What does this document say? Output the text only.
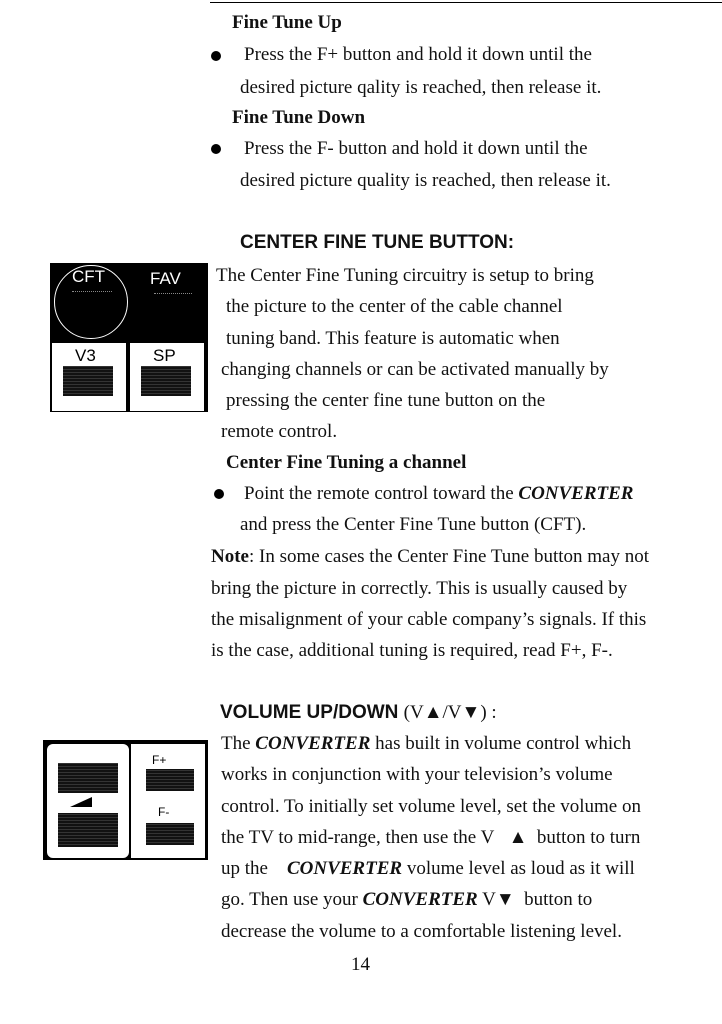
Fine Tune Up
Press the F+ button and hold it down until the
desired picture qality is reached, then release it.
Fine Tune Down
Press the F- button and hold it down until the
desired picture quality is reached, then release it.
CENTER FINE TUNE BUTTON:
CFT	FAV
V3	SP
The Center Fine Tuning circuitry is setup to bring
the picture to the center of the cable channel
tuning band. This feature is automatic when
changing channels or can be activated manually by
pressing the center fine tune button on the
remote control.
Center Fine Tuning a channel
Point the remote control toward the CONVERTER
and press the Center Fine Tune button (CFT).
Note: In some cases the Center Fine Tune button may not
bring the picture in correctly. This is usually caused by
the misalignment of your cable company’s signals. If this
is the case, additional tuning is required, read F+, F-.
VOLUME UP/DOWN (V▲/V▼) :
F+
F-
The CONVERTER has built in volume control which
works in conjunction with your television’s volume
control. To initially set volume level, set the volume on
the TV to mid-range, then use the V ▲ button to turn
up the CONVERTER volume level as loud as it will
go. Then use your CONVERTER V▼ button to
decrease the volume to a comfortable listening level.
14
